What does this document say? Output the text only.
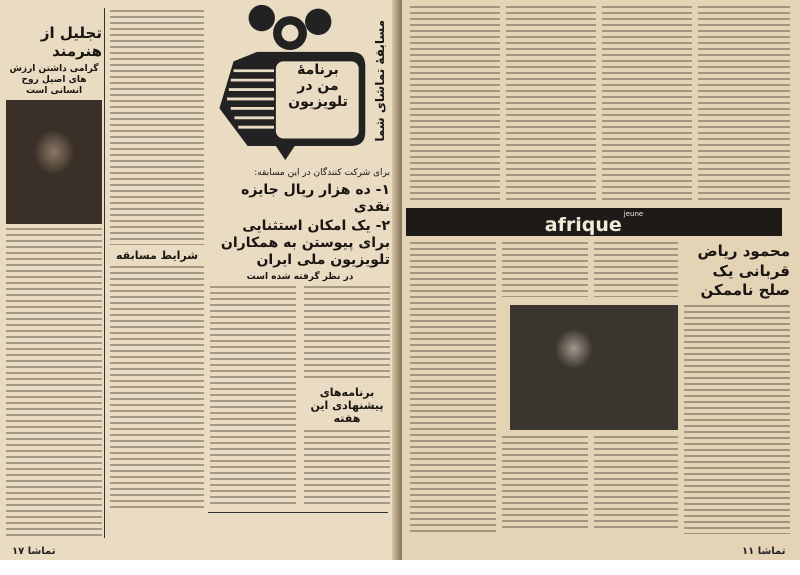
تجلیل از هنرمند
گرامی داشتن ارزش های اصیل روح انسانی است
شرایط مسابقه
برنامهٔ
من در
تلویزیون	مسابقهٔ تماشای شما
برای شرکت کنندگان در این مسابقه:
۱- ده هزار ریال جایزه نقدی
۲- یک امکان استثنایی برای پیوستن به همکاران تلویزیون ملی ایران
در نظر گرفته شده است
برنامه‌های پیشنهادی این هفته
تماشا ۱۷
afrique jeune
محمود ریاض قربانی یک صلح ناممکن
تماشا ۱۱
